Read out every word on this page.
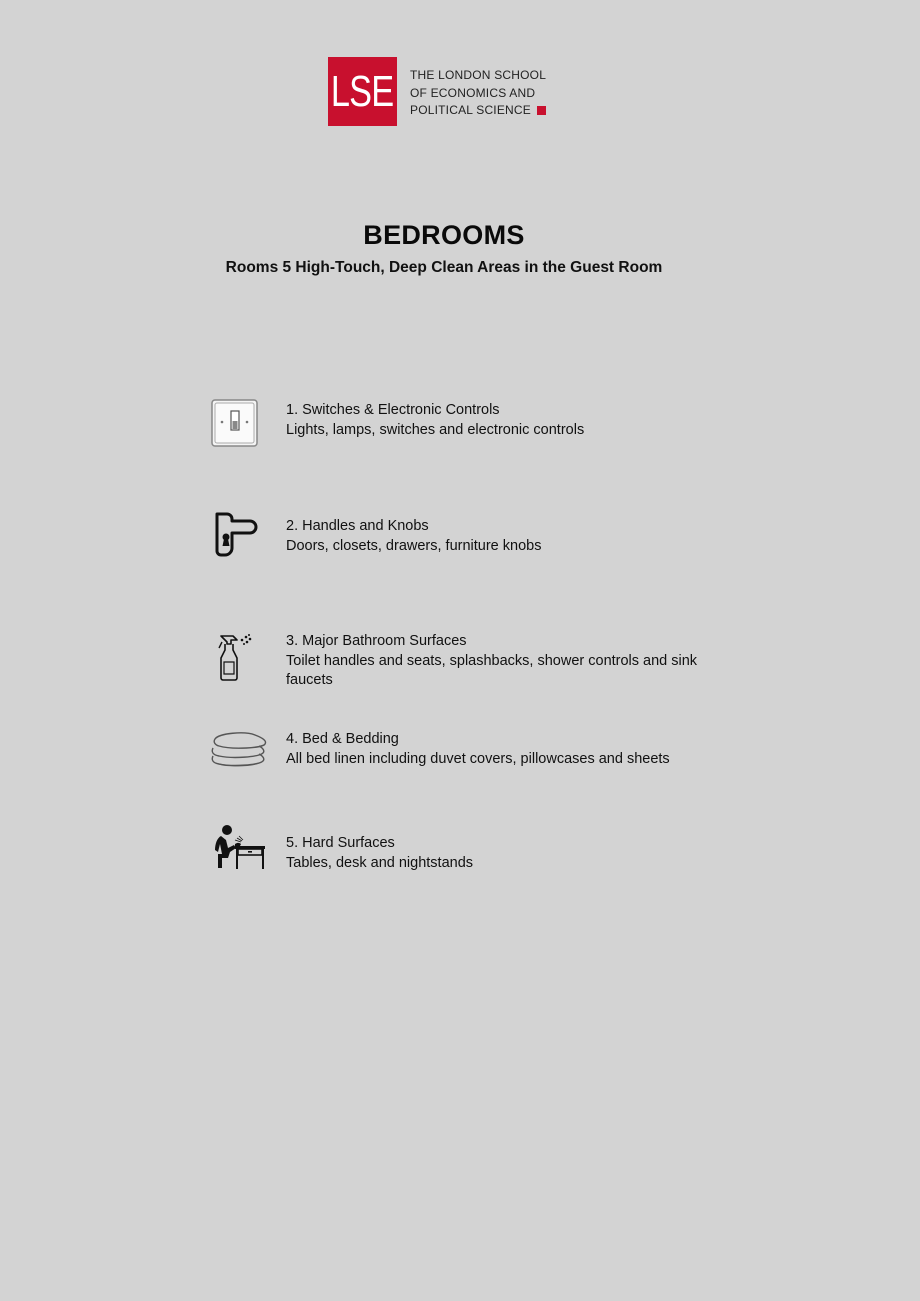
LSE THE LONDON SCHOOL
OF ECONOMICS AND
POLITICAL SCIENCE
BEDROOMS
Rooms 5 High-Touch, Deep Clean Areas in the Guest Room
1. Switches & Electronic Controls
Lights, lamps, switches and electronic controls
2. Handles and Knobs
Doors, closets, drawers, furniture knobs
3. Major Bathroom Surfaces
Toilet handles and seats, splashbacks, shower controls and sink faucets
4. Bed & Bedding
All bed linen including duvet covers, pillowcases and sheets
5. Hard Surfaces
Tables, desk and nightstands
